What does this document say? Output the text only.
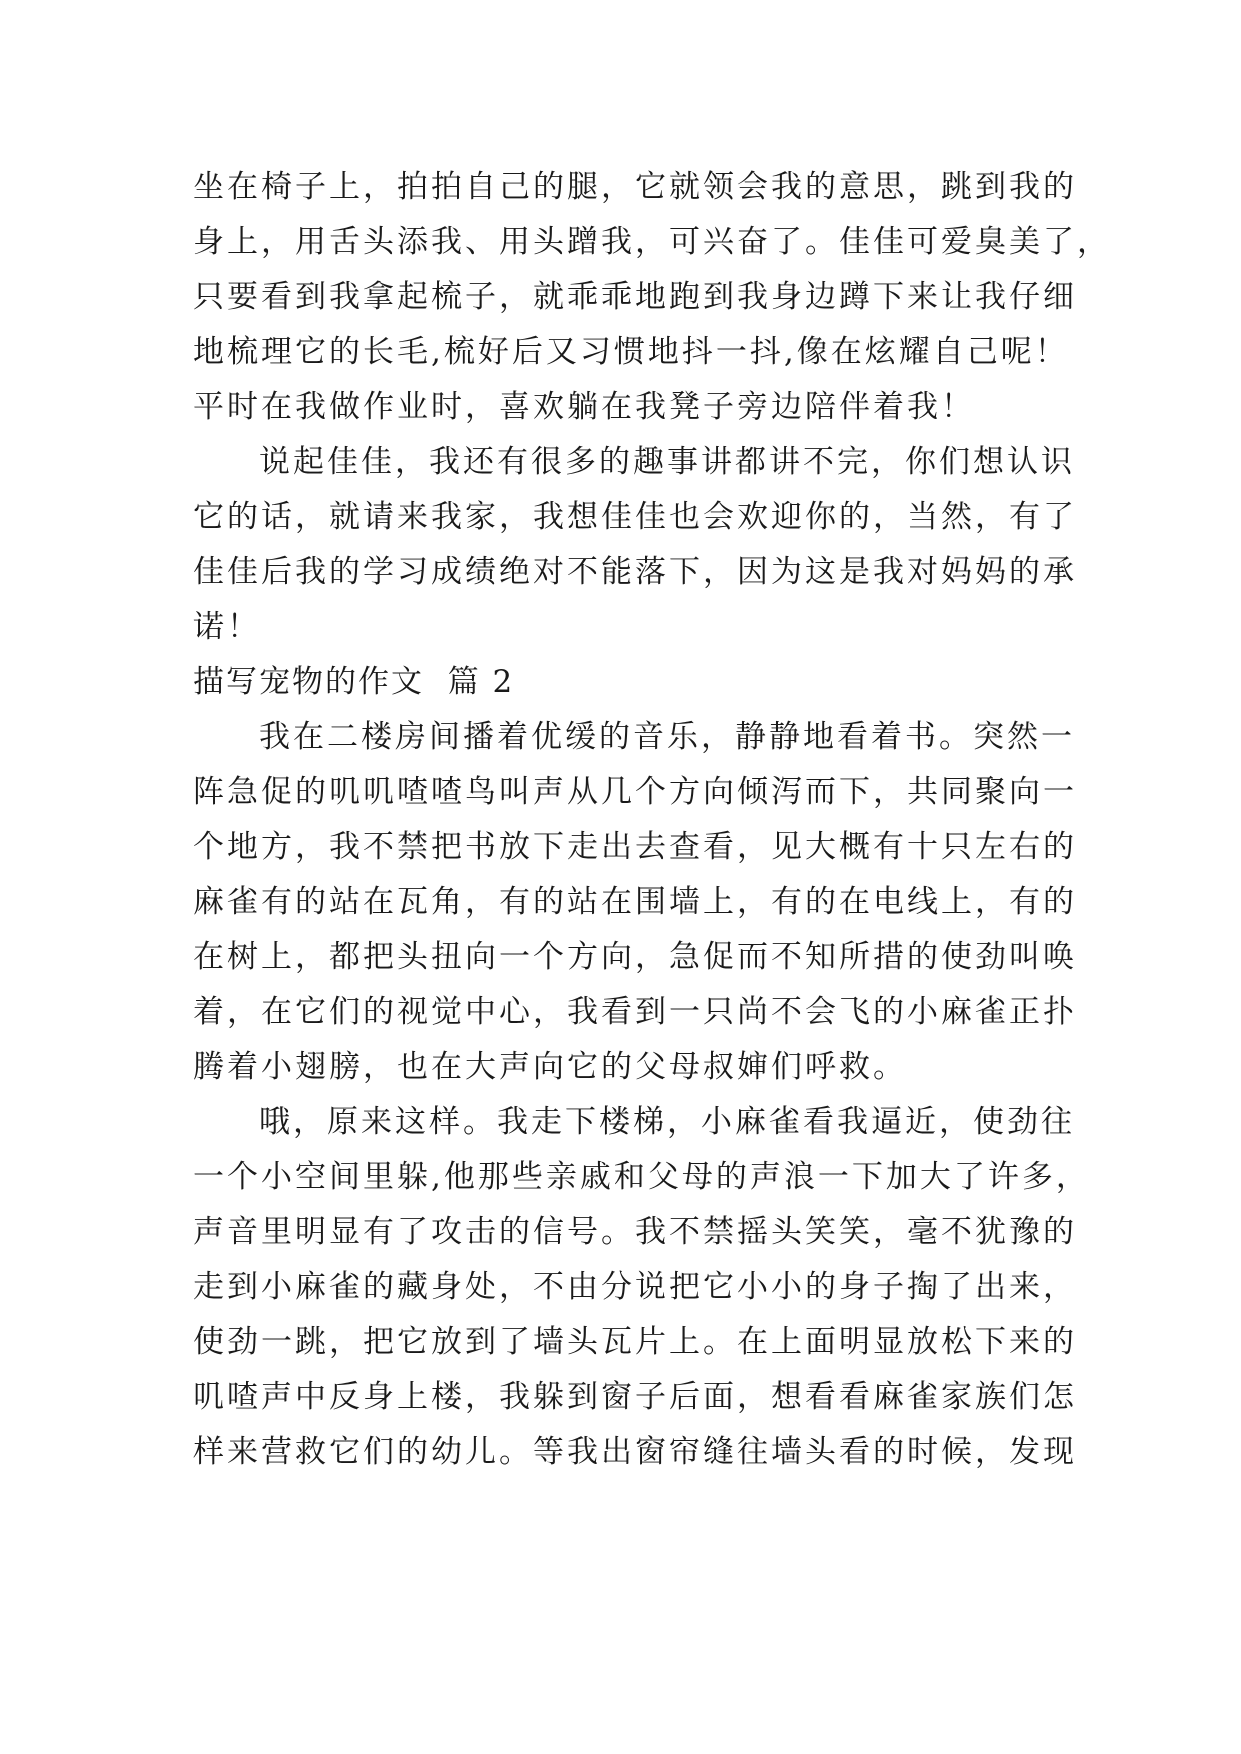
坐在椅子上，拍拍自己的腿，它就领会我的意思，跳到我的
身上，用舌头添我、用头蹭我，可兴奋了。佳佳可爱臭美了，
只要看到我拿起梳子，就乖乖地跑到我身边蹲下来让我仔细
地梳理它的长毛,梳好后又习惯地抖一抖,像在炫耀自己呢！
平时在我做作业时，喜欢躺在我凳子旁边陪伴着我！
说起佳佳，我还有很多的趣事讲都讲不完，你们想认识
它的话，就请来我家，我想佳佳也会欢迎你的，当然，有了
佳佳后我的学习成绩绝对不能落下，因为这是我对妈妈的承
诺！
描写宠物的作文  篇 2
我在二楼房间播着优缓的音乐，静静地看着书。突然一
阵急促的叽叽喳喳鸟叫声从几个方向倾泻而下，共同聚向一
个地方，我不禁把书放下走出去查看，见大概有十只左右的
麻雀有的站在瓦角，有的站在围墙上，有的在电线上，有的
在树上，都把头扭向一个方向，急促而不知所措的使劲叫唤
着，在它们的视觉中心，我看到一只尚不会飞的小麻雀正扑
腾着小翅膀，也在大声向它的父母叔婶们呼救。
哦，原来这样。我走下楼梯，小麻雀看我逼近，使劲往
一个小空间里躲,他那些亲戚和父母的声浪一下加大了许多，
声音里明显有了攻击的信号。我不禁摇头笑笑，毫不犹豫的
走到小麻雀的藏身处，不由分说把它小小的身子掏了出来，
使劲一跳，把它放到了墙头瓦片上。在上面明显放松下来的
叽喳声中反身上楼，我躲到窗子后面，想看看麻雀家族们怎
样来营救它们的幼儿。等我出窗帘缝往墙头看的时候，发现
